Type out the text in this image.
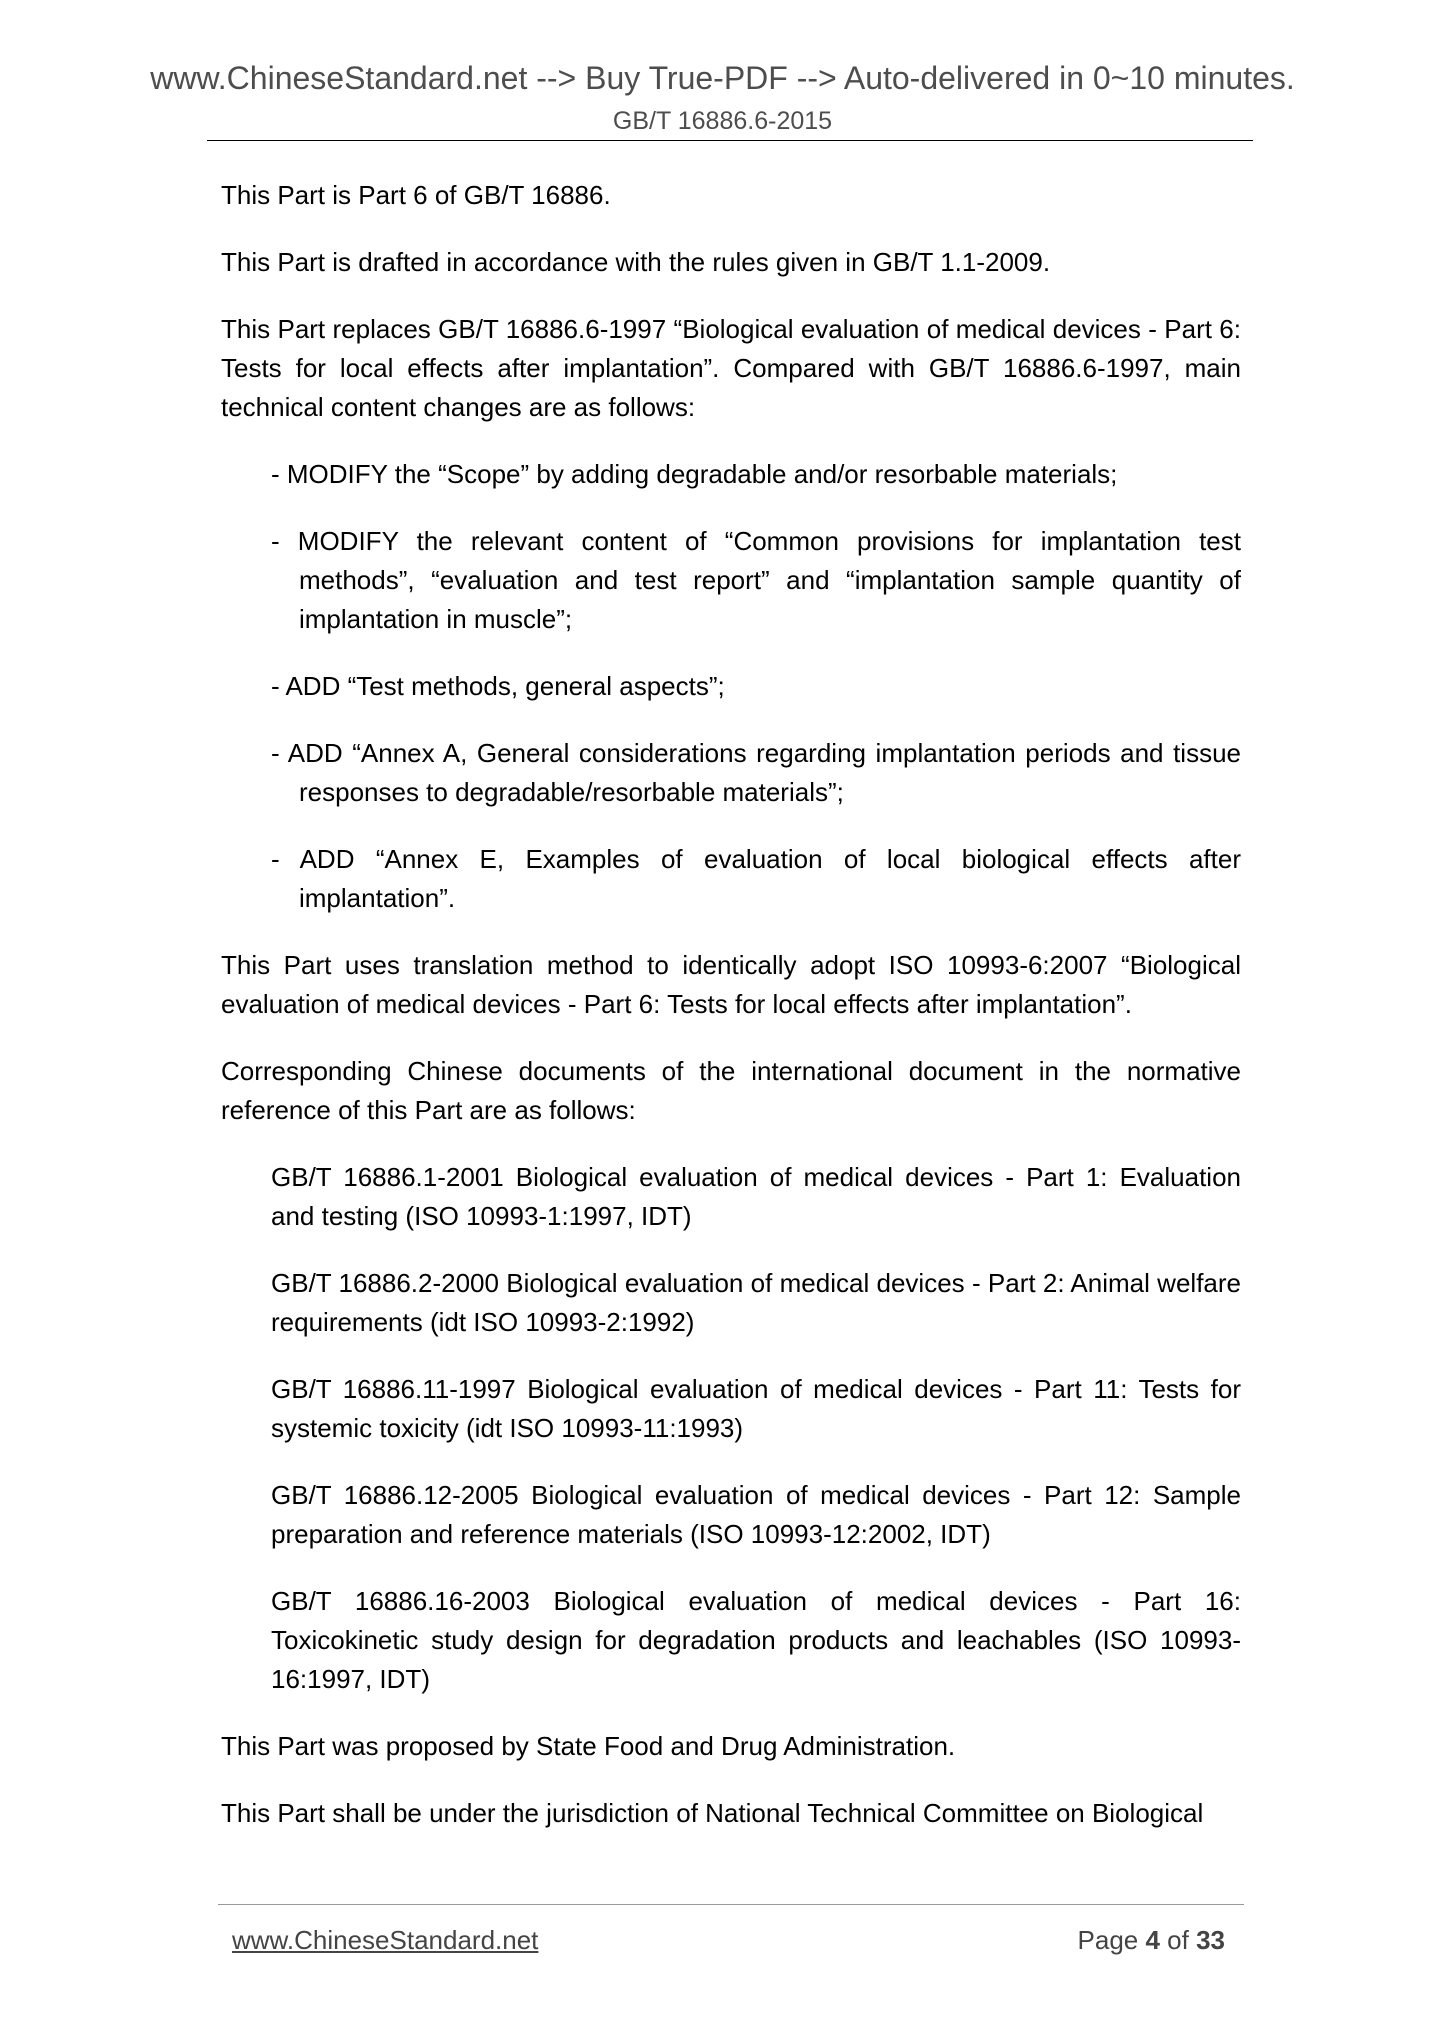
www.ChineseStandard.net --> Buy True-PDF --> Auto-delivered in 0~10 minutes.
GB/T 16886.6-2015

This Part is Part 6 of GB/T 16886.

This Part is drafted in accordance with the rules given in GB/T 1.1-2009.

This Part replaces GB/T 16886.6-1997 “Biological evaluation of medical devices - Part 6: Tests for local effects after implantation”. Compared with GB/T 16886.6-1997, main technical content changes are as follows:

- MODIFY the “Scope” by adding degradable and/or resorbable materials;

- MODIFY the relevant content of “Common provisions for implantation test methods”, “evaluation and test report” and “implantation sample quantity of implantation in muscle”;

- ADD “Test methods, general aspects”;

- ADD “Annex A, General considerations regarding implantation periods and tissue responses to degradable/resorbable materials”;

- ADD “Annex E, Examples of evaluation of local biological effects after implantation”.

This Part uses translation method to identically adopt ISO 10993-6:2007 “Biological evaluation of medical devices - Part 6: Tests for local effects after implantation”.

Corresponding Chinese documents of the international document in the normative reference of this Part are as follows:

GB/T 16886.1-2001 Biological evaluation of medical devices - Part 1: Evaluation and testing (ISO 10993-1:1997, IDT)

GB/T 16886.2-2000 Biological evaluation of medical devices - Part 2: Animal welfare requirements (idt ISO 10993-2:1992)

GB/T 16886.11-1997 Biological evaluation of medical devices - Part 11: Tests for systemic toxicity (idt ISO 10993-11:1993)

GB/T 16886.12-2005 Biological evaluation of medical devices - Part 12: Sample preparation and reference materials (ISO 10993-12:2002, IDT)

GB/T 16886.16-2003 Biological evaluation of medical devices - Part 16: Toxicokinetic study design for degradation products and leachables (ISO 10993-16:1997, IDT)

This Part was proposed by State Food and Drug Administration.

This Part shall be under the jurisdiction of National Technical Committee on Biological

www.ChineseStandard.net	Page 4 of 33
